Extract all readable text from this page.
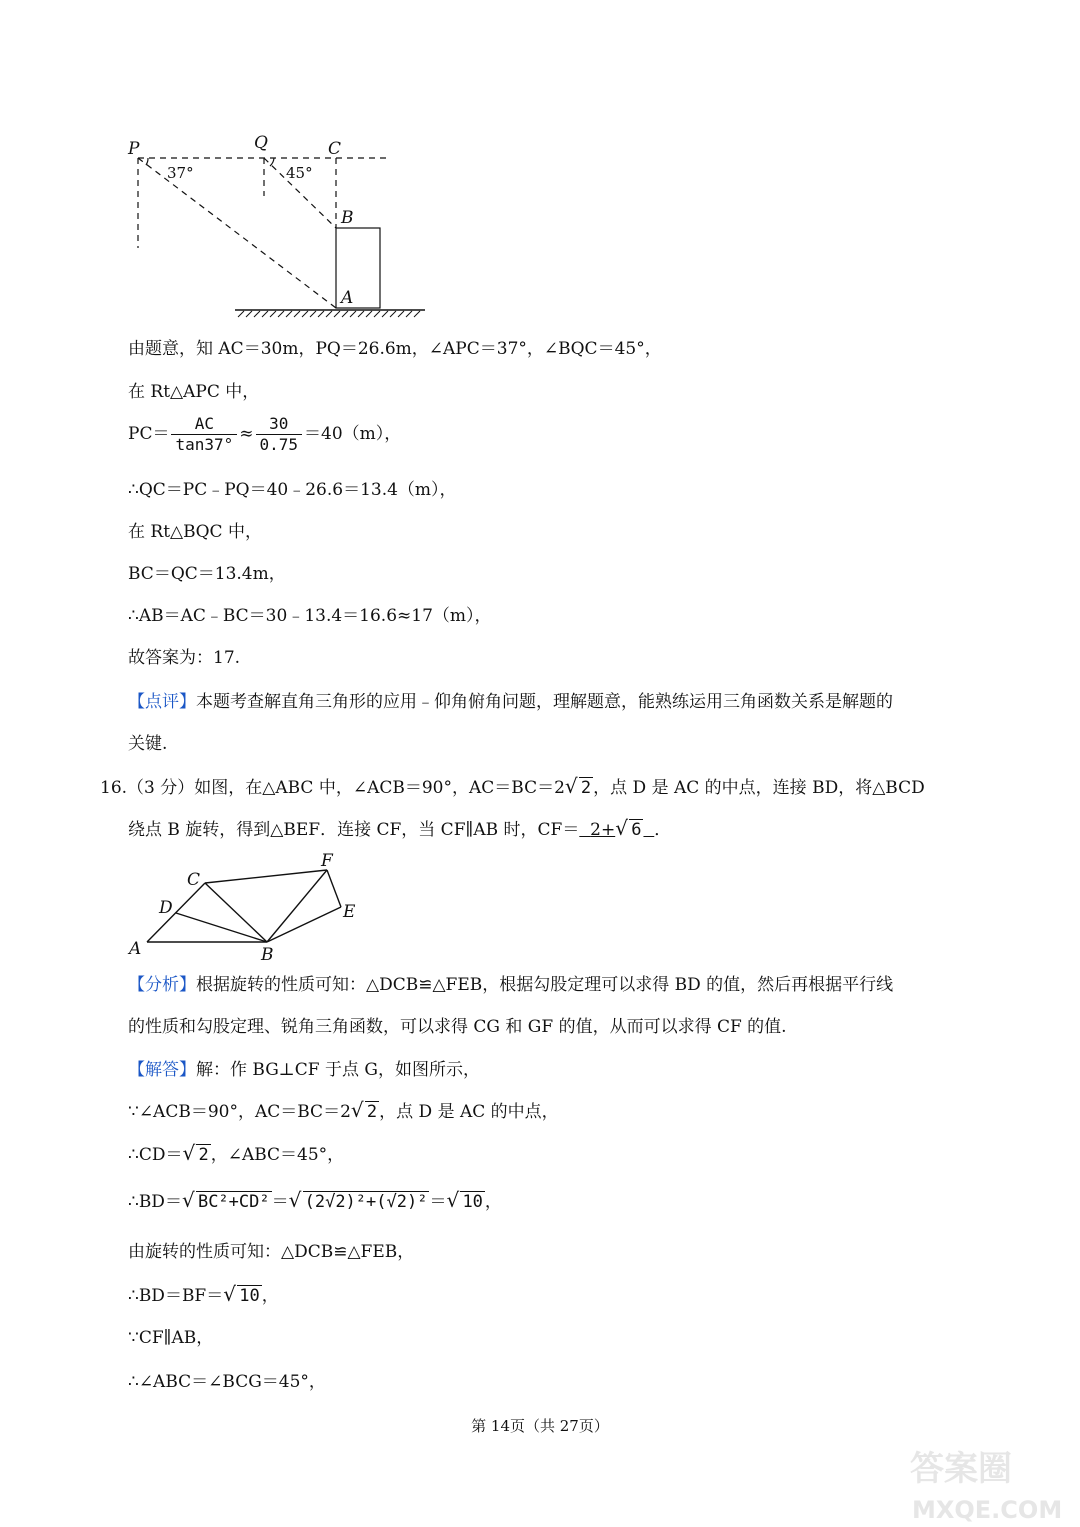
P	Q	C
B
A
37°	45°
由题意，知 AC＝30m，PQ＝26.6m，∠APC＝37°，∠BQC＝45°，
在 Rt△APC 中，
$PC= \frac{AC}{\tan 37^\circ} \approx \frac{30}{0.75} =40(m)$，
∴QC＝PC﹣PQ＝40﹣26.6＝13.4（m），
在 Rt△BQC 中，
BC＝QC＝13.4m，
∴AB＝AC﹣BC＝30﹣13.4＝16.6≈17（m），
故答案为：17.
【点评】本题考查解直角三角形的应用﹣仰角俯角问题，理解题意，能熟练运用三角函数关系是解题的
关键.
16.（3 分）如图，在△ABC 中，∠ACB＝90°，AC＝BC＝2 √ 2 ，点 D 是 AC 的中点，连接 BD，将△BCD
绕点 B 旋转，得到△BEF．连接 CF，当 CF∥AB 时，CF＝ 2+ √ 6 ．
A	B
C
D	E
F
【分析】根据旋转的性质可知：△DCB≌△FEB，根据勾股定理可以求得 BD 的值，然后再根据平行线
的性质和勾股定理、锐角三角函数，可以求得 CG 和 GF 的值，从而可以求得 CF 的值.
【解答】解：作 BG⊥CF 于点 G，如图所示，
∵∠ACB＝90°，AC＝BC＝2 √ 2 ，点 D 是 AC 的中点，
∴CD＝ √ 2 ，∠ABC＝45°，
∴BD＝ √ BC²+CD² ＝ √ (2√2)²+(√2)² ＝ √ 10 ，
由旋转的性质可知：△DCB≌△FEB，
∴BD＝BF＝ √ 10 ，
∵CF∥AB，
∴∠ABC＝∠BCG＝45°，
第 14页（共 27页）
答案圈
MXQE.COM
